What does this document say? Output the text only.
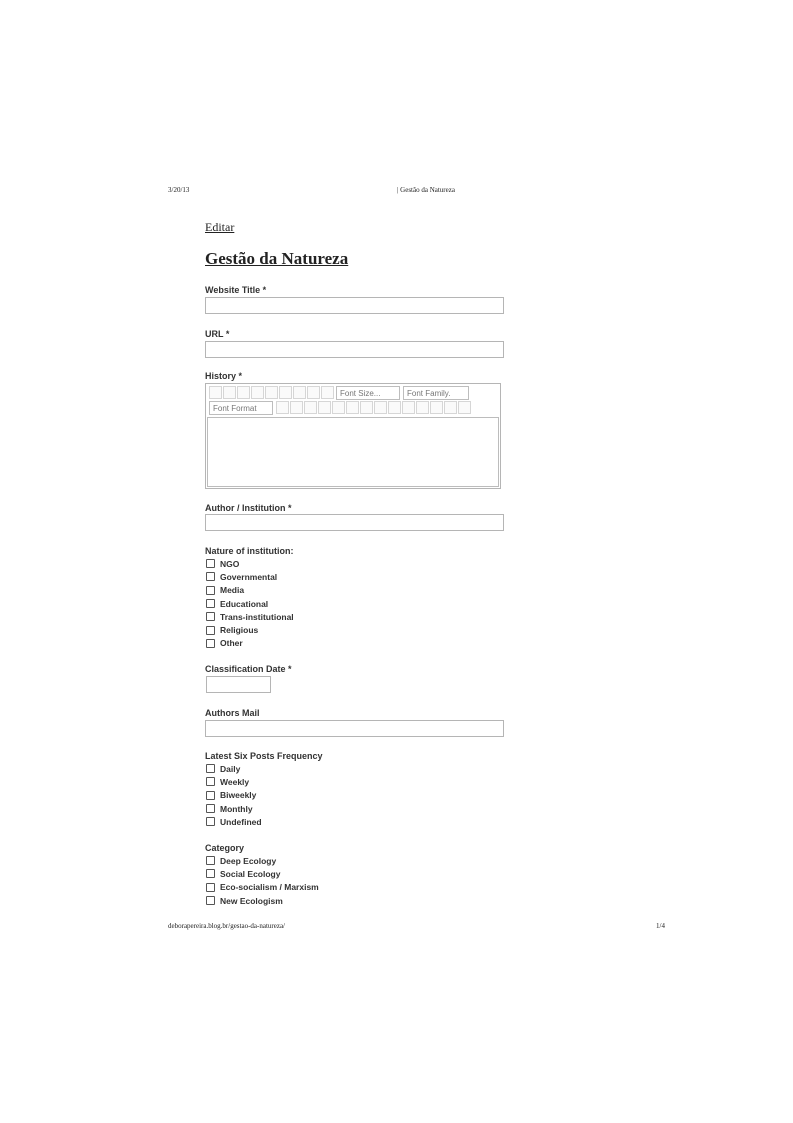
3/20/13	| Gestão da Natureza
Editar
Gestão da Natureza
Website Title *
URL *
History *
Font Size...	Font Family.
Font Format
Author / Institution *
Nature of institution:
NGO
Governmental
Media
Educational
Trans-institutional
Religious
Other
Classification Date *
Authors Mail
Latest Six Posts Frequency
Daily
Weekly
Biweekly
Monthly
Undefined
Category
Deep Ecology
Social Ecology
Eco-socialism / Marxism
New Ecologism
deborapereira.blog.br/gestao-da-natureza/	1/4
